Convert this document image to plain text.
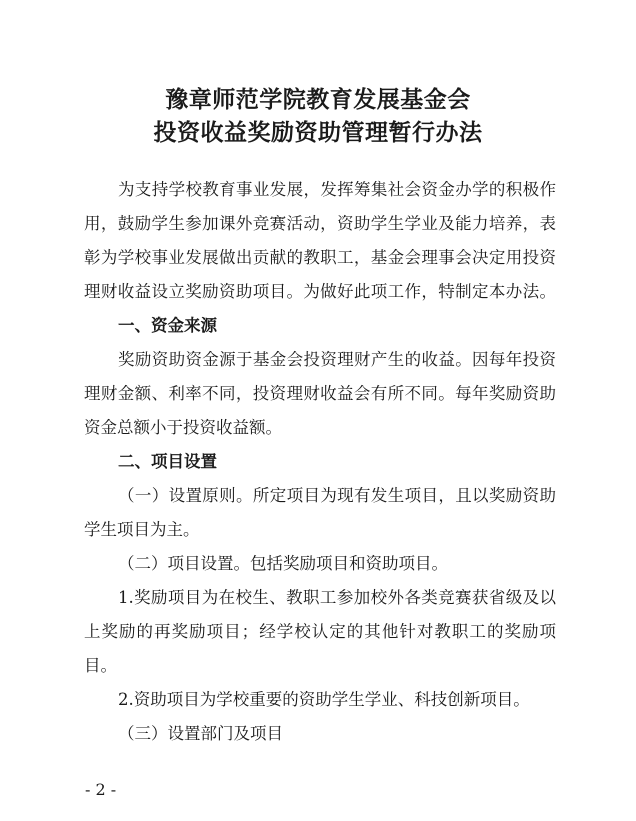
豫章师范学院教育发展基金会
投资收益奖励资助管理暂行办法
为支持学校教育事业发展，发挥筹集社会资金办学的积极作
用，鼓励学生参加课外竞赛活动，资助学生学业及能力培养，表
彰为学校事业发展做出贡献的教职工，基金会理事会决定用投资
理财收益设立奖励资助项目。为做好此项工作，特制定本办法。
一、资金来源
奖励资助资金源于基金会投资理财产生的收益。因每年投资
理财金额、利率不同，投资理财收益会有所不同。每年奖励资助
资金总额小于投资收益额。
二、项目设置
（一）设置原则。所定项目为现有发生项目，且以奖励资助
学生项目为主。
（二）项目设置。包括奖励项目和资助项目。
1.奖励项目为在校生、教职工参加校外各类竞赛获省级及以
上奖励的再奖励项目；经学校认定的其他针对教职工的奖励项
目。
2.资助项目为学校重要的资助学生学业、科技创新项目。
（三）设置部门及项目
- 2 -
